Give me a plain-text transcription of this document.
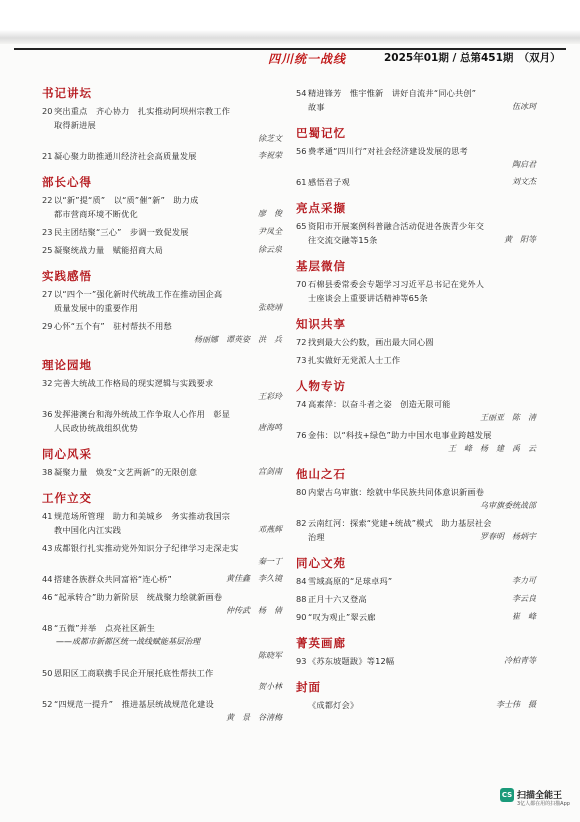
四川统一战线	2025年01期 / 总第451期　（双月）
书记讲坛
20 突出重点　齐心协力　扎实推动阿坝州宗教工作
取得新进展
徐芝文
21 凝心聚力助推通川经济社会高质量发展	李祝荣
部长心得
22 以“新”提“质”　以“质”催“新”　助力成
都市营商环境不断优化	廖　俊
23 民主团结聚“三心”　步调一致促发展	尹凤全
25 凝聚统战力量　赋能招商大局	徐云泉
实践感悟
27 以“四个一”强化新时代统战工作在推动国企高
质量发展中的重要作用	张晓靖
29 心怀“五个有”　驻村帮扶不用愁
杨丽娜　谭英姿　洪　兵
理论园地
32 完善大统战工作格局的现实逻辑与实践要求
王彩玲
36 发挥港澳台和海外统战工作争取人心作用　彰显
人民政协统战组织优势	唐海鸣
同心风采
38 凝聚力量　焕发“文艺两新”的无限创意	宫剑南
工作立交
41 规范场所管理　助力和美城乡　务实推动我国宗
教中国化内江实践	邓燕辉
43 成都银行扎实推动党外知识分子纪律学习走深走实
秦一丁
44 搭建各族群众共同富裕“连心桥”	黄佳鑫　李久镜
46 “起承转合”助力新阶层　统战聚力绘就新画卷
仲传武　杨　倩
48 “五微”并举　点亮社区新生
——成都市新都区统一战线赋能基层治理
陈晓军
50 恩阳区工商联携手民企开展托底性帮扶工作
贺小林
52 “四规范一提升”　推进基层统战规范化建设
黄　景　谷清梅
54 精进锋芳　惟宇惟新　讲好自流井“同心共创”
故事	伍冰珂
巴蜀记忆
56 费孝通“四川行”对社会经济建设发展的思考
陶启君
61 感悟君子观	刘文杰
亮点采撷
65 资阳市开展案例科普融合活动促进各族青少年交
往交流交融等15条	黄　阳等
基层微信
70 石棉县委常委会专题学习习近平总书记在党外人
士座谈会上重要讲话精神等65条
知识共享
72 找到最大公约数，画出最大同心圆
73 扎实做好无党派人士工作
人物专访
74 高素萍：以奋斗者之姿　创造无限可能
王丽亚　陈　清
76 金伟：以“科技+绿色”助力中国水电事业跨越发展
王　峰　杨　建　禹　云
他山之石
80 内蒙古乌审旗：绘就中华民族共同体意识新画卷
乌审旗委统战部
82 云南红河：探索“党建+统战”模式　助力基层社会
治理	罗春明　杨炳宇
同心文苑
84 雪域高原的“足球卓玛”	李力可
88 正月十六又登高	李云良
90 “叹为观止”翠云廊	崔　峰
菁英画廊
93 《苏东坡题跋》等12幅	冷柏青等
封面
《成都灯会》	李士伟　摄
CS 扫描全能王
3亿人都在用的扫描App
